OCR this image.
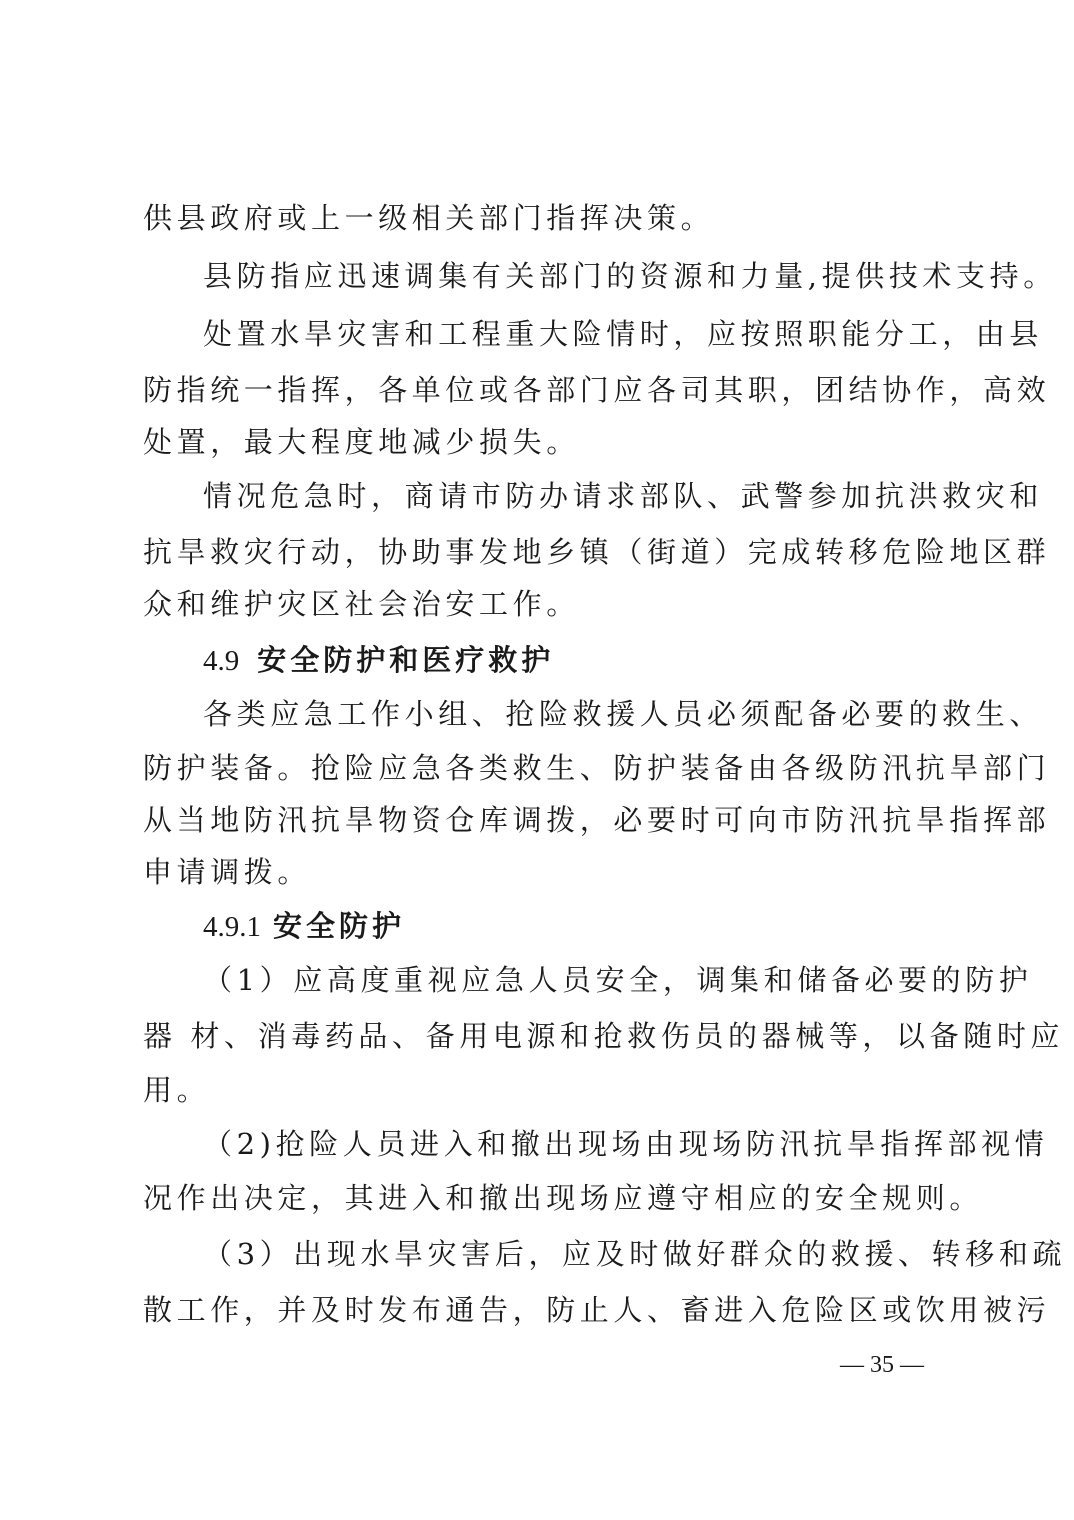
供县政府或上一级相关部门指挥决策。
县防指应迅速调集有关部门的资源和力量,提供技术支持。
处置水旱灾害和工程重大险情时，应按照职能分工，由县
防指统一指挥，各单位或各部门应各司其职，团结协作，高效
处置，最大程度地减少损失。
情况危急时，商请市防办请求部队、武警参加抗洪救灾和
抗旱救灾行动，协助事发地乡镇（街道）完成转移危险地区群
众和维护灾区社会治安工作。
4.9 安全防护和医疗救护
各类应急工作小组、抢险救援人员必须配备必要的救生、
防护装备。抢险应急各类救生、防护装备由各级防汛抗旱部门
从当地防汛抗旱物资仓库调拨，必要时可向市防汛抗旱指挥部
申请调拨。
4.9.1 安全防护
（1）应高度重视应急人员安全，调集和储备必要的防护
器 材、消毒药品、备用电源和抢救伤员的器械等，以备随时应
用。
（2)抢险人员进入和撤出现场由现场防汛抗旱指挥部视情
况作出决定，其进入和撤出现场应遵守相应的安全规则。
（3）出现水旱灾害后，应及时做好群众的救援、转移和疏
散工作，并及时发布通告，防止人、畜进入危险区或饮用被污
— 35 —
